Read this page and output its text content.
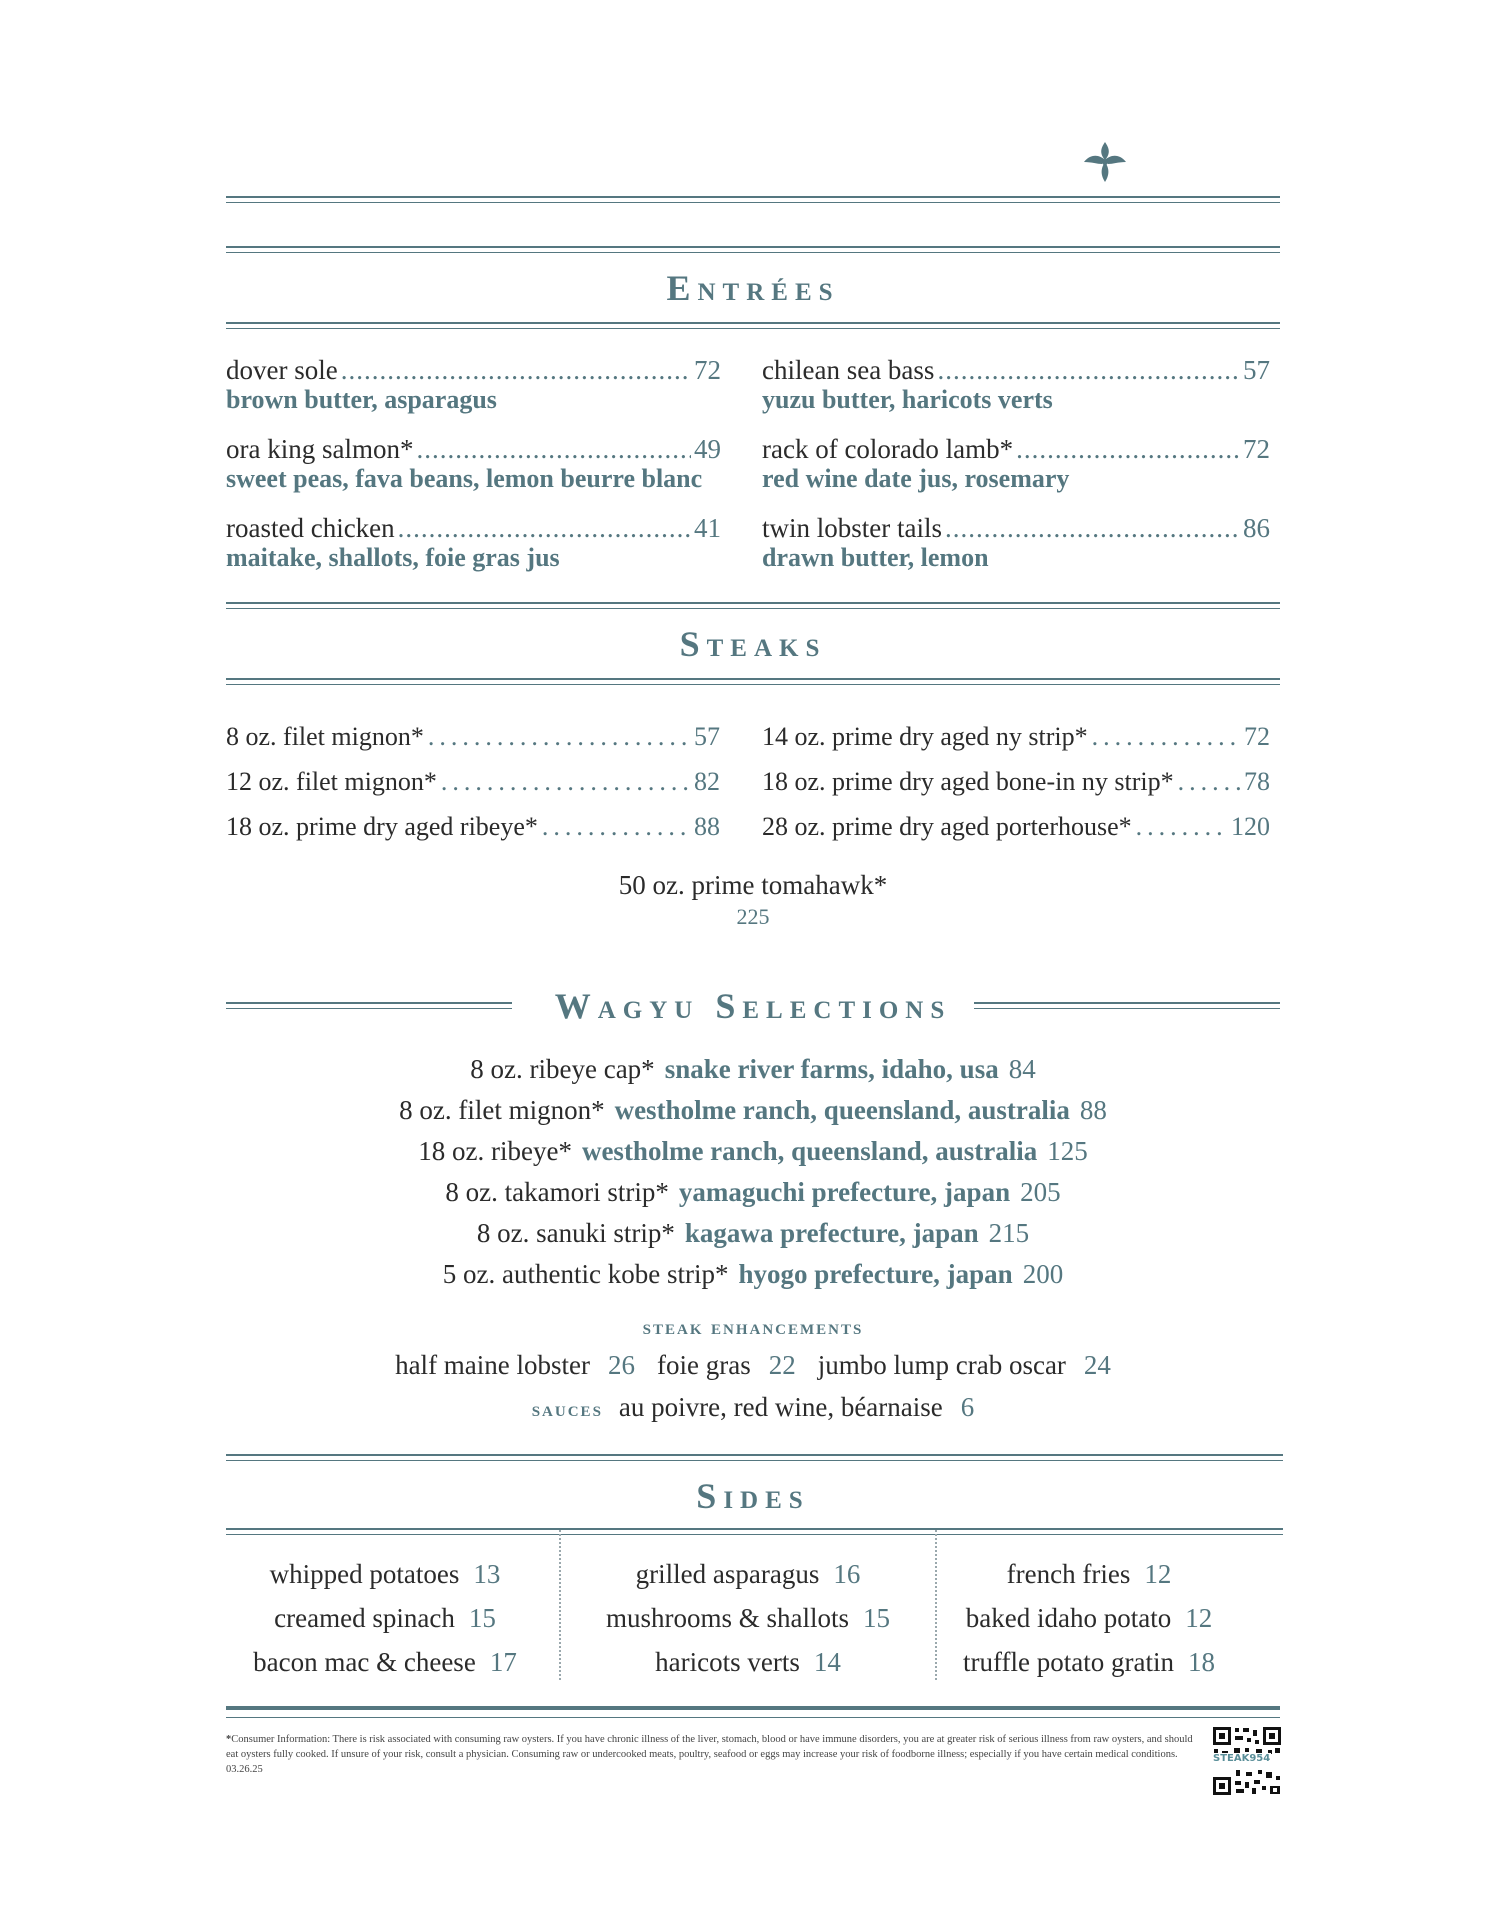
Entrées
dover sole .....	72
brown butter, asparagus
ora king salmon* .....	49
sweet peas, fava beans, lemon beurre blanc
roasted chicken .....	41
maitake, shallots, foie gras jus
chilean sea bass .....	57
yuzu butter, haricots verts
rack of colorado lamb* .....	72
red wine date jus, rosemary
twin lobster tails .....	86
drawn butter, lemon
Steaks
8 oz. filet mignon* .....	57
12 oz. filet mignon* .....	82
18 oz. prime dry aged ribeye* .....	88
14 oz. prime dry aged ny strip* .....	72
18 oz. prime dry aged bone-in ny strip* .....	78
28 oz. prime dry aged porterhouse* .....	120
50 oz. prime tomahawk*
225
Wagyu Selections
8 oz. ribeye cap* snake river farms, idaho, usa 84
8 oz. filet mignon* westholme ranch, queensland, australia 88
18 oz. ribeye* westholme ranch, queensland, australia 125
8 oz. takamori strip* yamaguchi prefecture, japan 205
8 oz. sanuki strip* kagawa prefecture, japan 215
5 oz. authentic kobe strip* hyogo prefecture, japan 200
steak enhancements
half maine lobster 26 foie gras 22 jumbo lump crab oscar 24
sauces au poivre, red wine, béarnaise 6
Sides
whipped potatoes 13
creamed spinach 15
bacon mac & cheese 17
grilled asparagus 16
mushrooms & shallots 15
haricots verts 14
french fries 12
baked idaho potato 12
truffle potato gratin 18
*Consumer Information: There is risk associated with consuming raw oysters. If you have chronic illness of the liver, stomach, blood or have immune disorders, you are at greater risk of serious illness from raw oysters, and should eat oysters fully cooked. If unsure of your risk, consult a physician. Consuming raw or undercooked meats, poultry, seafood or eggs may increase your risk of foodborne illness; especially if you have certain medical conditions. 03.26.25
STEAK954
